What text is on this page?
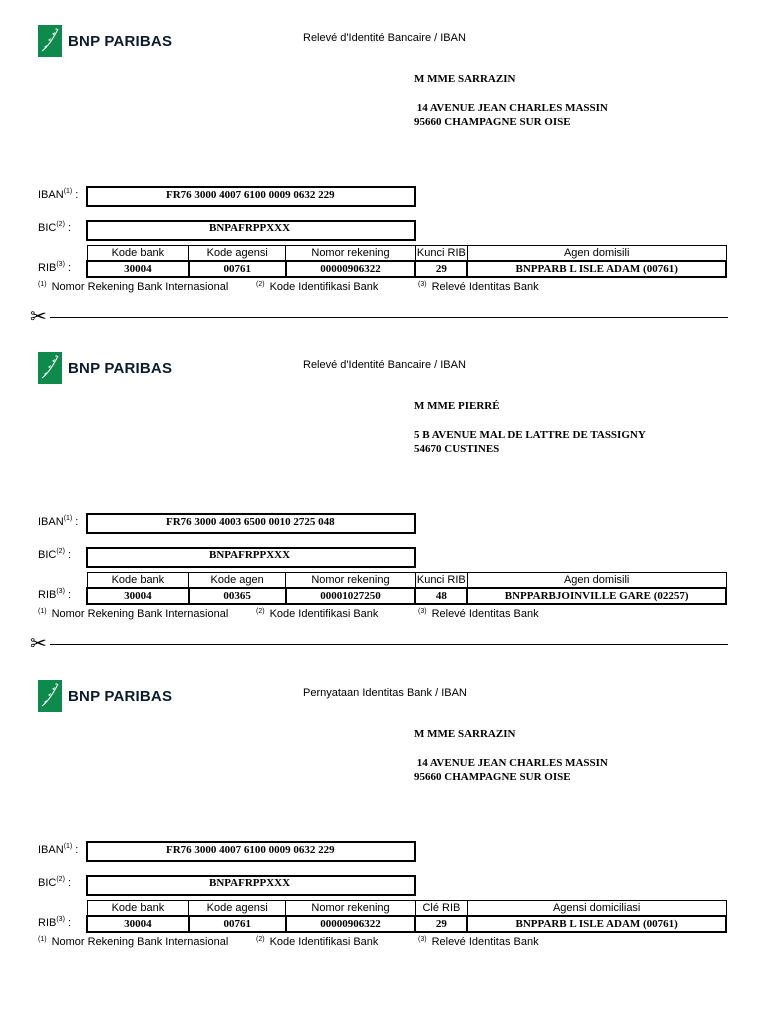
BNP PARIBAS	Relevé d'Identité Bancaire / IBAN
M MME SARRAZIN
14 AVENUE JEAN CHARLES MASSIN
95660 CHAMPAGNE SUR OISE
IBAN$^{(1)}$ :	FR76 3000 4007 6100 0009 0632 229
BIC$^{(2)}$ :	BNPAFRPPXXX
RIB$^{(3)}$ :
Kode bank	Kode agensi	Nomor rekening	Kunci RIB	Agen domisili
30004	00761	00000906322	29	BNPPARB L ISLE ADAM (00761)
$^{(1)}$ Nomor Rekening Bank Internasional	$^{(2)}$ Kode Identifikasi Bank	$^{(3)}$ Relevé Identitas Bank
✂
BNP PARIBAS	Relevé d'Identité Bancaire / IBAN
M MME PIERRÉ
5 B AVENUE MAL DE LATTRE DE TASSIGNY
54670 CUSTINES
IBAN$^{(1)}$ :	FR76 3000 4003 6500 0010 2725 048
BIC$^{(2)}$ :	BNPAFRPPXXX
RIB$^{(3)}$ :
Kode bank	Kode agen	Nomor rekening	Kunci RIB	Agen domisili
30004	00365	00001027250	48	BNPPARBJOINVILLE GARE (02257)
$^{(1)}$ Nomor Rekening Bank Internasional	$^{(2)}$ Kode Identifikasi Bank	$^{(3)}$ Relevé Identitas Bank
✂
BNP PARIBAS	Pernyataan Identitas Bank / IBAN
M MME SARRAZIN
14 AVENUE JEAN CHARLES MASSIN
95660 CHAMPAGNE SUR OISE
IBAN$^{(1)}$ :	FR76 3000 4007 6100 0009 0632 229
BIC$^{(2)}$ :	BNPAFRPPXXX
RIB$^{(3)}$ :
Kode bank	Kode agensi	Nomor rekening	Clé RIB	Agensi domiciliasi
30004	00761	00000906322	29	BNPPARB L ISLE ADAM (00761)
$^{(1)}$ Nomor Rekening Bank Internasional	$^{(2)}$ Kode Identifikasi Bank	$^{(3)}$ Relevé Identitas Bank
